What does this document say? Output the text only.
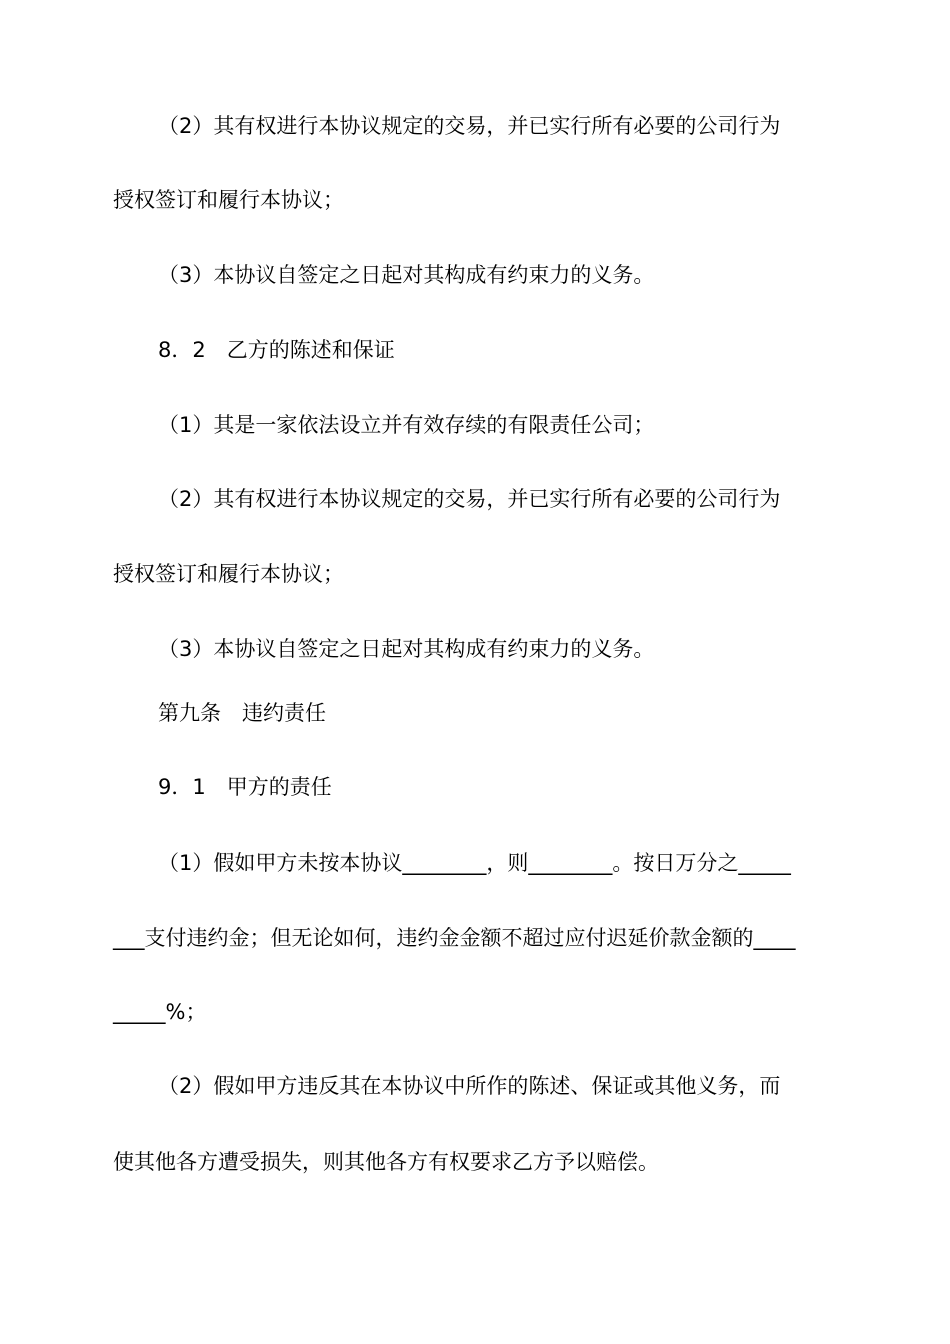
（2）其有权进行本协议规定的交易，并已实行所有必要的公司行为
授权签订和履行本协议；
（3）本协议自签定之日起对其构成有约束力的义务。
8．2　乙方的陈述和保证
（1）其是一家依法设立并有效存续的有限责任公司；
（2）其有权进行本协议规定的交易，并已实行所有必要的公司行为
授权签订和履行本协议；
（3）本协议自签定之日起对其构成有约束力的义务。
第九条　违约责任
9．1　甲方的责任
（1）假如甲方未按本协议________，则________。按日万分之_____
___支付违约金；但无论如何，违约金金额不超过应付迟延价款金额的____
_____%；
（2）假如甲方违反其在本协议中所作的陈述、保证或其他义务，而
使其他各方遭受损失，则其他各方有权要求乙方予以赔偿。
